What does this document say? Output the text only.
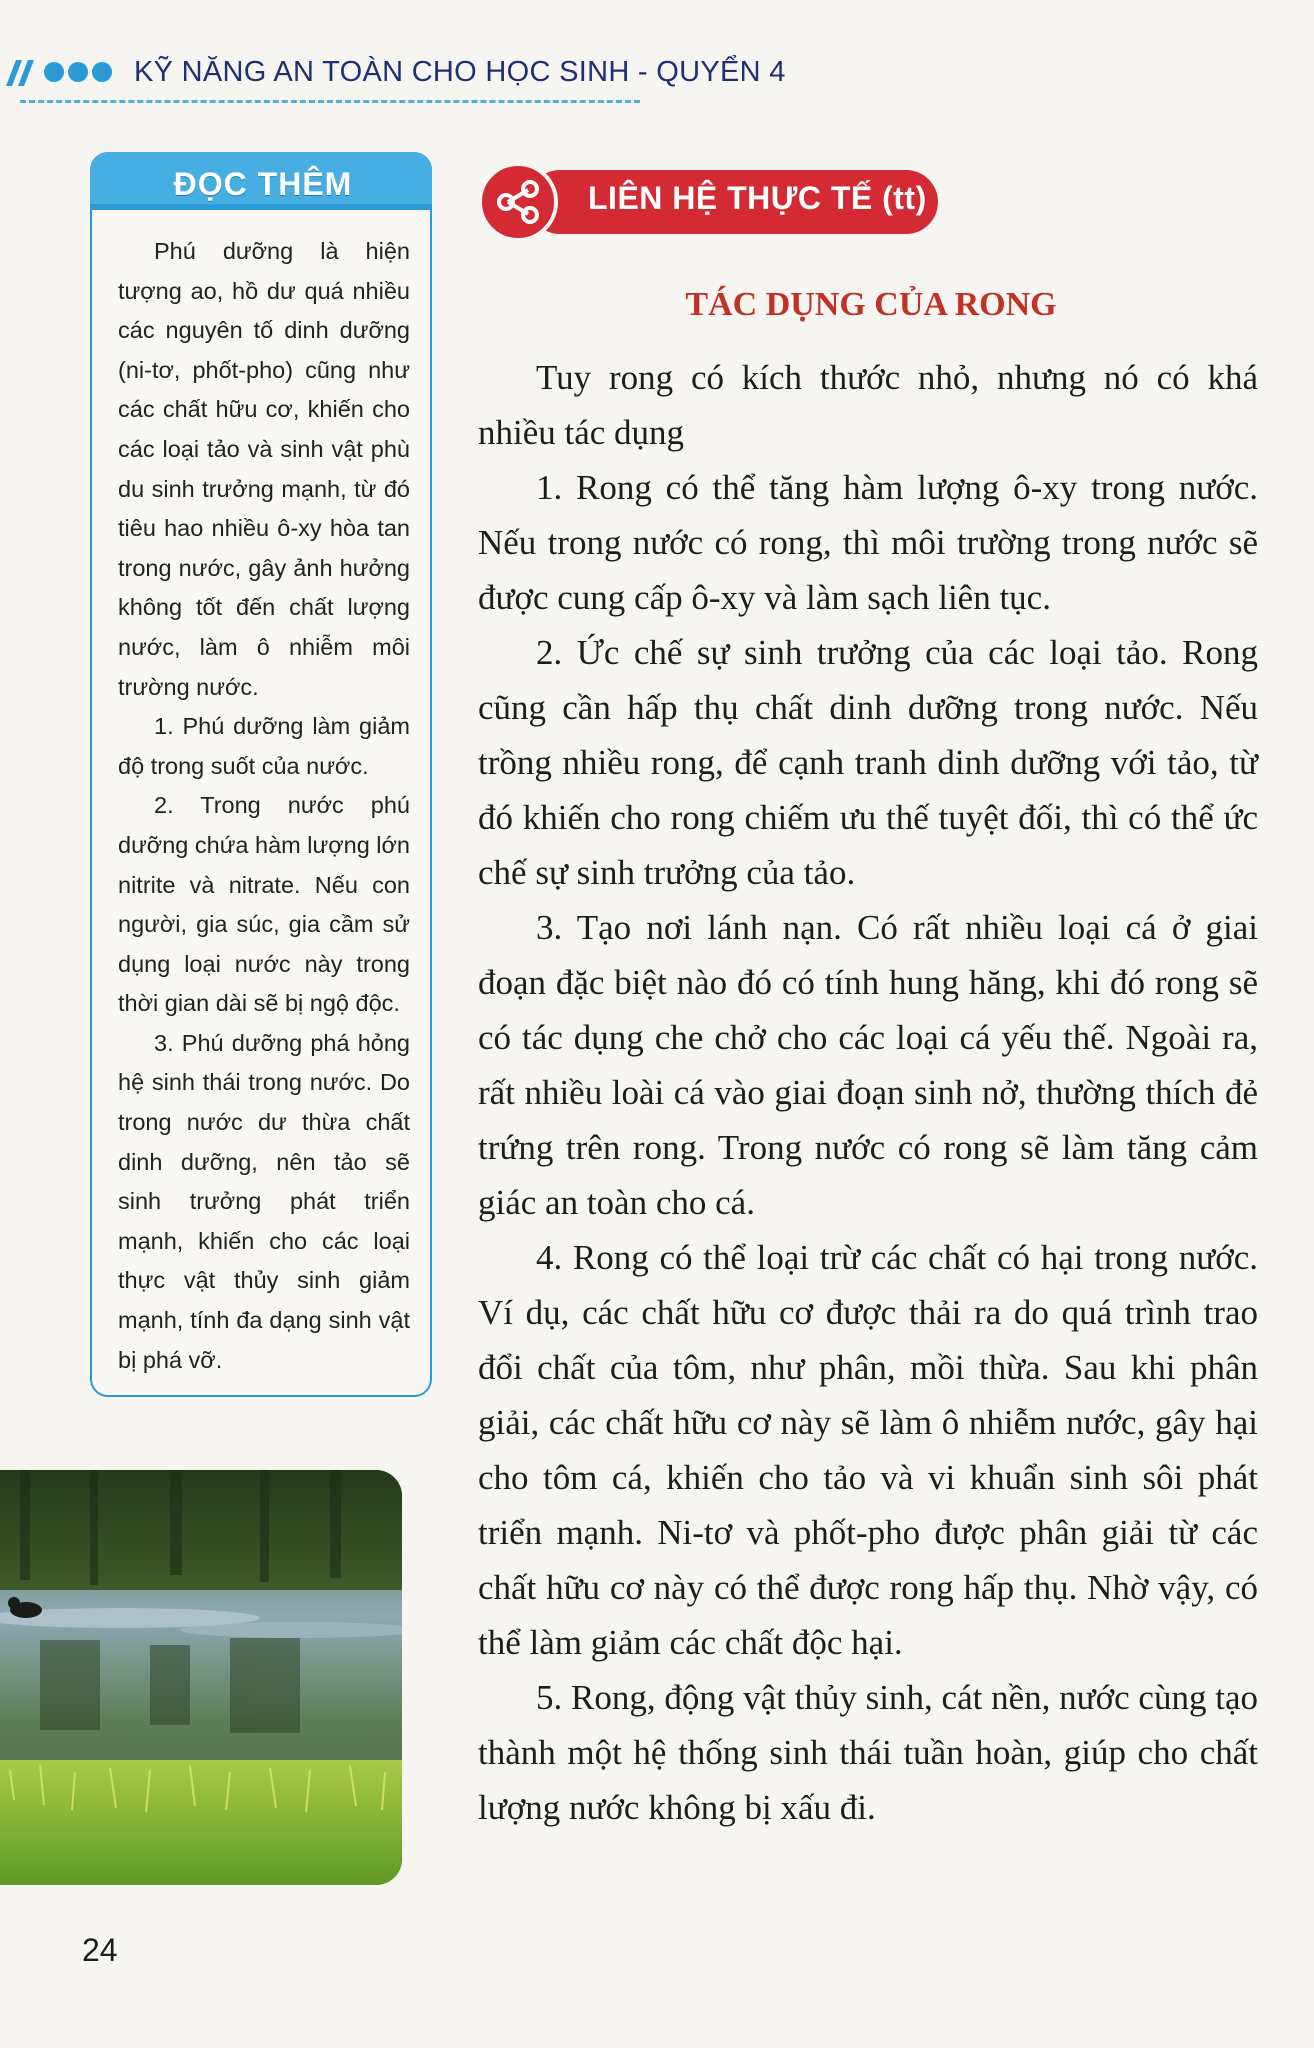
KỸ NĂNG AN TOÀN CHO HỌC SINH - QUYỂN 4
ĐỌC THÊM

Phú dưỡng là hiện tượng ao, hồ dư quá nhiều các nguyên tố dinh dưỡng (ni-tơ, phốt-pho) cũng như các chất hữu cơ, khiến cho các loại tảo và sinh vật phù du sinh trưởng mạnh, từ đó tiêu hao nhiều ô-xy hòa tan trong nước, gây ảnh hưởng không tốt đến chất lượng nước, làm ô nhiễm môi trường nước.

1. Phú dưỡng làm giảm độ trong suốt của nước.

2. Trong nước phú dưỡng chứa hàm lượng lớn nitrite và nitrate. Nếu con người, gia súc, gia cầm sử dụng loại nước này trong thời gian dài sẽ bị ngộ độc.

3. Phú dưỡng phá hỏng hệ sinh thái trong nước. Do trong nước dư thừa chất dinh dưỡng, nên tảo sẽ sinh trưởng phát triển mạnh, khiến cho các loại thực vật thủy sinh giảm mạnh, tính đa dạng sinh vật bị phá vỡ.

LIÊN HỆ THỰC TẾ (tt)
TÁC DỤNG CỦA RONG

Tuy rong có kích thước nhỏ, nhưng nó có khá nhiều tác dụng

1. Rong có thể tăng hàm lượng ô-xy trong nước. Nếu trong nước có rong, thì môi trường trong nước sẽ được cung cấp ô-xy và làm sạch liên tục.

2. Ức chế sự sinh trưởng của các loại tảo. Rong cũng cần hấp thụ chất dinh dưỡng trong nước. Nếu trồng nhiều rong, để cạnh tranh dinh dưỡng với tảo, từ đó khiến cho rong chiếm ưu thế tuyệt đối, thì có thể ức chế sự sinh trưởng của tảo.

3. Tạo nơi lánh nạn. Có rất nhiều loại cá ở giai đoạn đặc biệt nào đó có tính hung hăng, khi đó rong sẽ có tác dụng che chở cho các loại cá yếu thế. Ngoài ra, rất nhiều loài cá vào giai đoạn sinh nở, thường thích đẻ trứng trên rong. Trong nước có rong sẽ làm tăng cảm giác an toàn cho cá.

4. Rong có thể loại trừ các chất có hại trong nước. Ví dụ, các chất hữu cơ được thải ra do quá trình trao đổi chất của tôm, như phân, mồi thừa. Sau khi phân giải, các chất hữu cơ này sẽ làm ô nhiễm nước, gây hại cho tôm cá, khiến cho tảo và vi khuẩn sinh sôi phát triển mạnh. Ni-tơ và phốt-pho được phân giải từ các chất hữu cơ này có thể được rong hấp thụ. Nhờ vậy, có thể làm giảm các chất độc hại.

5. Rong, động vật thủy sinh, cát nền, nước cùng tạo thành một hệ thống sinh thái tuần hoàn, giúp cho chất lượng nước không bị xấu đi.

24
